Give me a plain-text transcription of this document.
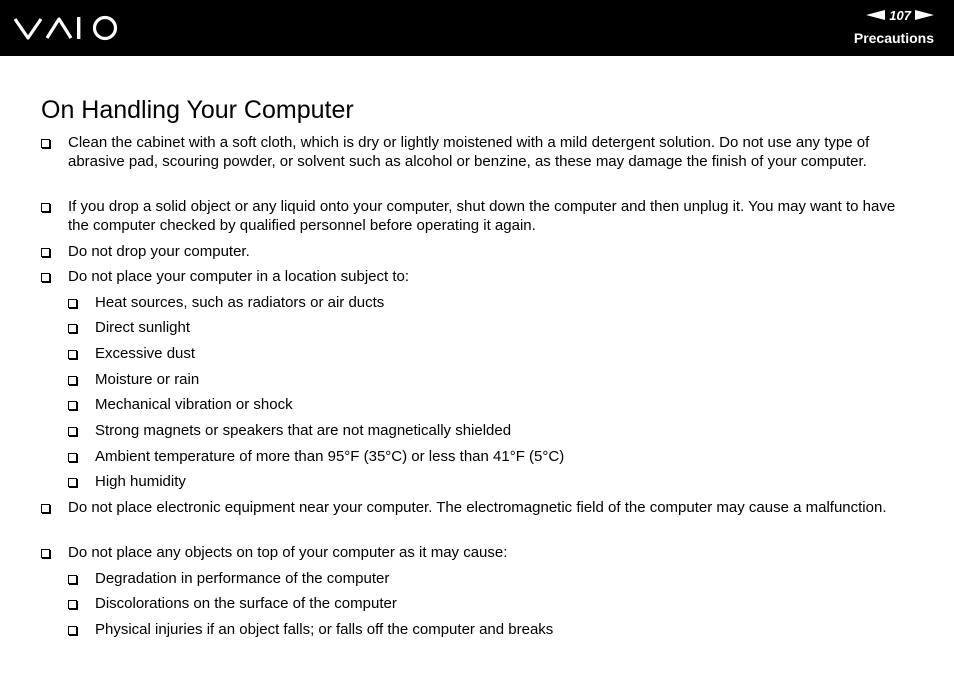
107
Precautions
On Handling Your Computer
Clean the cabinet with a soft cloth, which is dry or lightly moistened with a mild detergent solution. Do not use any type of abrasive pad, scouring powder, or solvent such as alcohol or benzine, as these may damage the finish of your computer.
If you drop a solid object or any liquid onto your computer, shut down the computer and then unplug it. You may want to have the computer checked by qualified personnel before operating it again.
Do not drop your computer.
Do not place your computer in a location subject to:
Heat sources, such as radiators or air ducts
Direct sunlight
Excessive dust
Moisture or rain
Mechanical vibration or shock
Strong magnets or speakers that are not magnetically shielded
Ambient temperature of more than 95°F (35°C) or less than 41°F (5°C)
High humidity
Do not place electronic equipment near your computer. The electromagnetic field of the computer may cause a malfunction.
Do not place any objects on top of your computer as it may cause:
Degradation in performance of the computer
Discolorations on the surface of the computer
Physical injuries if an object falls; or falls off the computer and breaks
